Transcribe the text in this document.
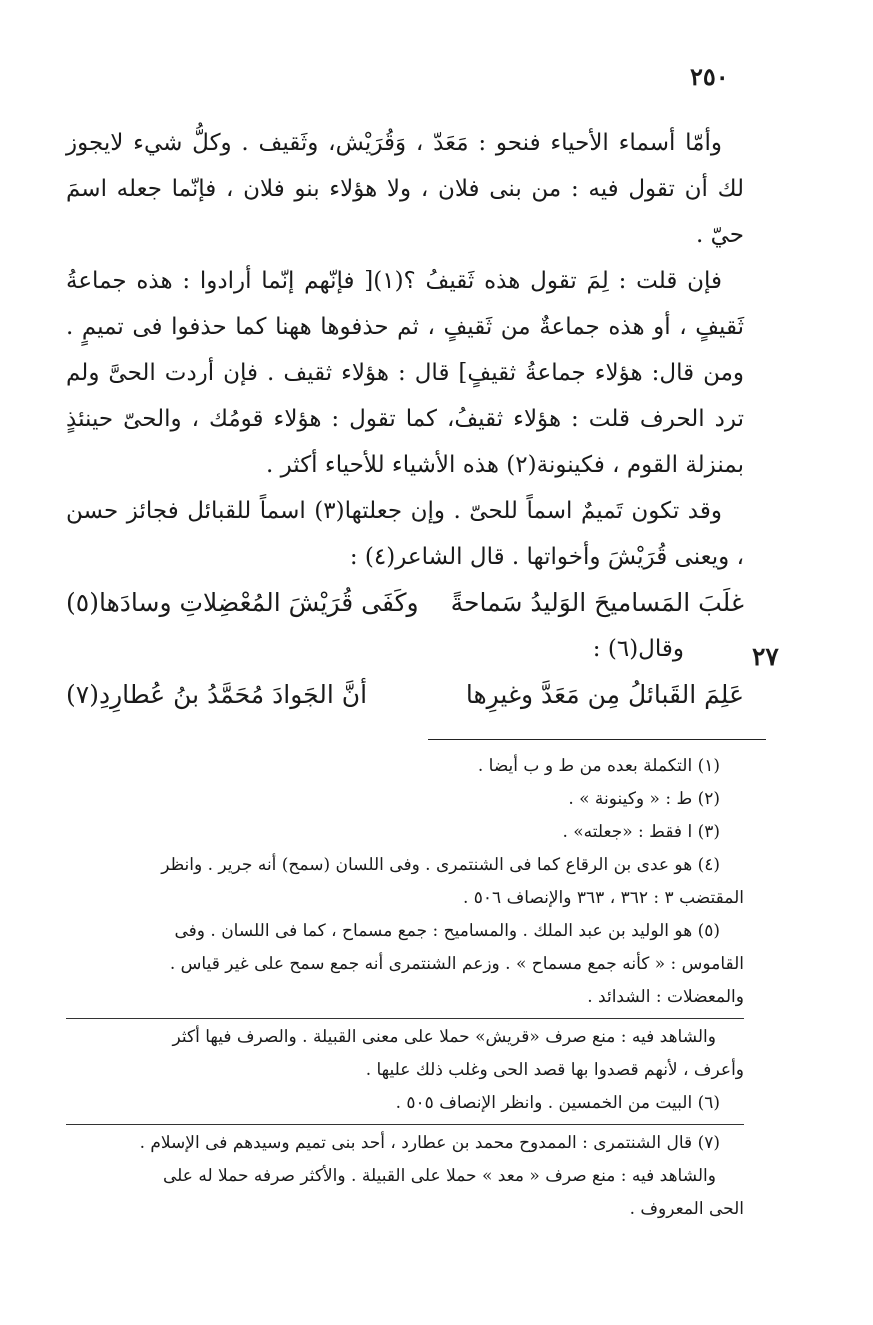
٢٥٠
٢٧

وأمّا أسماء الأحياء فنحو : مَعَدّ ، وَقُرَيْش، وثَقيف . وكلُّ شيء لايجوز لك أن تقول فيه : من بنى فلان ، ولا هؤلاء بنو فلان ، فإنّما جعله اسمَ حيّ .

فإن قلت : لِمَ تقول هذه ثَقيفُ ؟(١)[ فإنّهم إنّما أرادوا : هذه جماعةُ ثَقيفٍ ، أو هذه جماعةٌ من ثَقيفٍ ، ثم حذفوها ههنا كما حذفوا فى تميمٍ . ومن قال: هؤلاء جماعةُ ثقيفٍ] قال : هؤلاء ثقيف . فإن أردت الحىَّ ولم ترد الحرف قلت : هؤلاء ثقيفُ، كما تقول : هؤلاء قومُك ، والحىّ حينئذٍ بمنزلة القوم ، فكينونة(٢) هذه الأشياء للأحياء أكثر .

وقد تكون تَميمٌ اسماً للحىّ . وإن جعلتها(٣) اسماً للقبائل فجائز حسن ، ويعنى قُرَيْشَ وأخواتها . قال الشاعر(٤) :

غلَبَ المَساميحَ الوَليدُ سَماحةً
وكَفَى قُرَيْشَ المُعْضِلاتِ وسادَها(٥)

وقال(٦) :

عَلِمَ القَبائلُ مِن مَعَدَّ وغيرِها
أنَّ الجَوادَ مُحَمَّدُ بنُ عُطارِدِ(٧)

(١) التكملة بعده من ط و ب أيضا .

(٢) ط : « وكينونة » .

(٣) ا فقط : «جعلته» .

(٤) هو عدى بن الرقاع كما فى الشنتمرى . وفى اللسان (سمح) أنه جرير . وانظر

المقتضب ٣ : ٣٦٢ ، ٣٦٣ والإنصاف ٥٠٦ .

(٥) هو الوليد بن عبد الملك . والمساميح : جمع مسماح ، كما فى اللسان . وفى

القاموس : « كأنه جمع مسماح » . وزعم الشنتمرى أنه جمع سمح على غير قياس .

والمعضلات : الشدائد .

والشاهد فيه : منع صرف «قريش» حملا على معنى القبيلة . والصرف فيها أكثر

وأعرف ، لأنهم قصدوا بها قصد الحى وغلب ذلك عليها .

(٦) البيت من الخمسين . وانظر الإنصاف ٥٠٥ .

(٧) قال الشنتمرى : الممدوح محمد بن عطارد ، أحد بنى تميم وسيدهم فى الإسلام .

والشاهد فيه : منع صرف « معد » حملا على القبيلة . والأكثر صرفه حملا له على

الحى المعروف .
